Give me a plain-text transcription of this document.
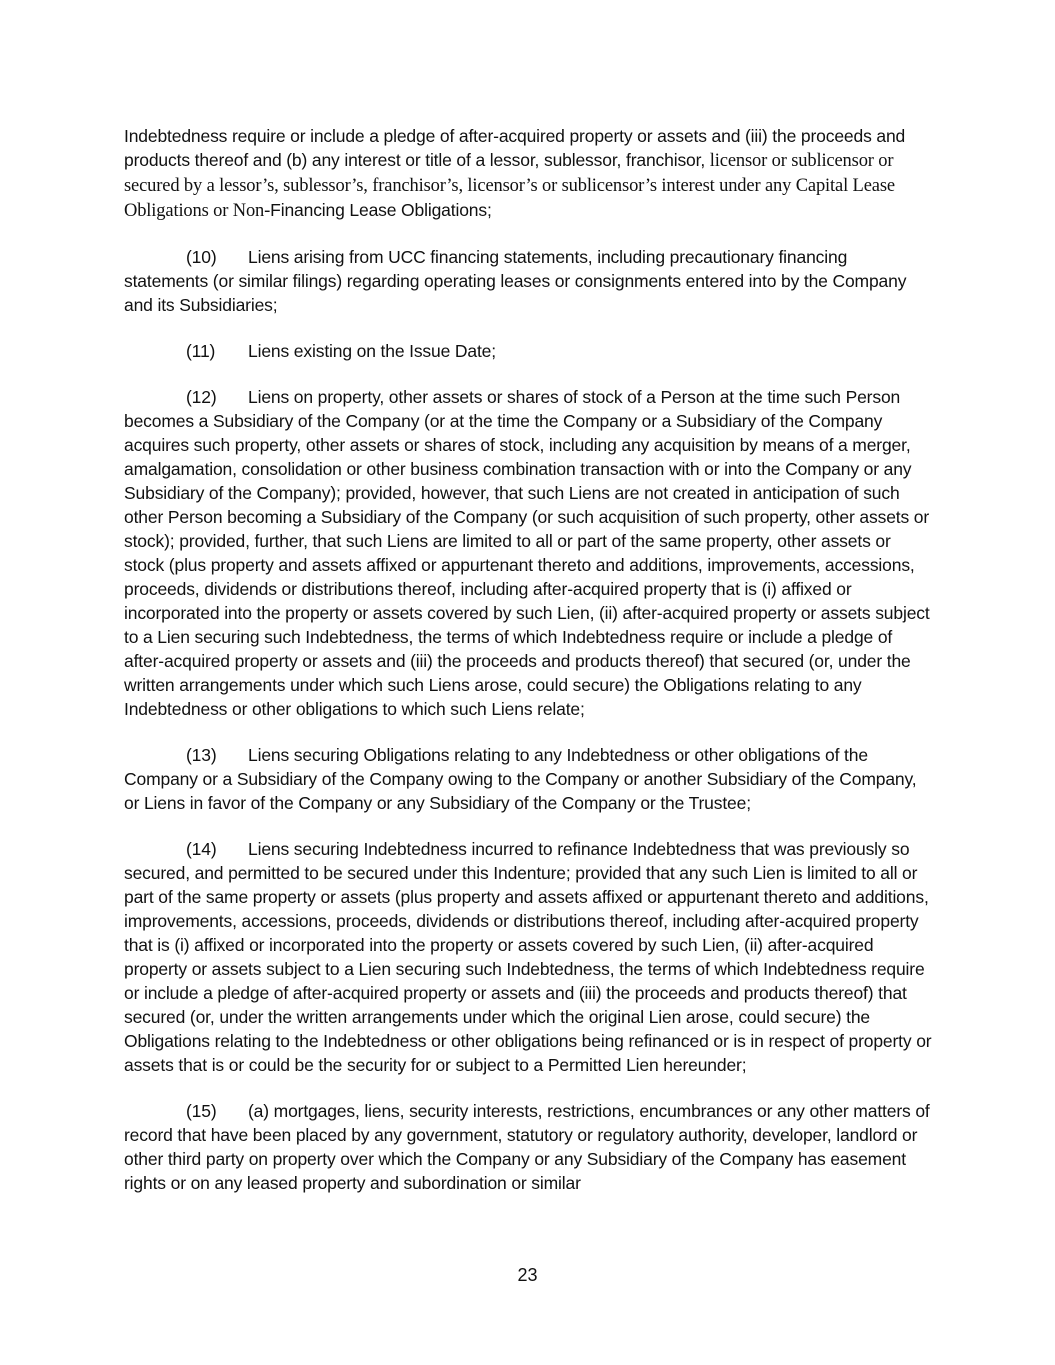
Indebtedness require or include a pledge of after-acquired property or assets and (iii) the proceeds and products thereof and (b) any interest or title of a lessor, sublessor, franchisor, licensor or sublicensor or secured by a lessor’s, sublessor’s, franchisor’s, licensor’s or sublicensor’s interest under any Capital Lease Obligations or Non-Financing Lease Obligations;

(10) Liens arising from UCC financing statements, including precautionary financing statements (or similar filings) regarding operating leases or consignments entered into by the Company and its Subsidiaries;

(11) Liens existing on the Issue Date;

(12) Liens on property, other assets or shares of stock of a Person at the time such Person becomes a Subsidiary of the Company (or at the time the Company or a Subsidiary of the Company acquires such property, other assets or shares of stock, including any acquisition by means of a merger, amalgamation, consolidation or other business combination transaction with or into the Company or any Subsidiary of the Company); provided, however, that such Liens are not created in anticipation of such other Person becoming a Subsidiary of the Company (or such acquisition of such property, other assets or stock); provided, further, that such Liens are limited to all or part of the same property, other assets or stock (plus property and assets affixed or appurtenant thereto and additions, improvements, accessions, proceeds, dividends or distributions thereof, including after-acquired property that is (i) affixed or incorporated into the property or assets covered by such Lien, (ii) after-acquired property or assets subject to a Lien securing such Indebtedness, the terms of which Indebtedness require or include a pledge of after-acquired property or assets and (iii) the proceeds and products thereof) that secured (or, under the written arrangements under which such Liens arose, could secure) the Obligations relating to any Indebtedness or other obligations to which such Liens relate;

(13) Liens securing Obligations relating to any Indebtedness or other obligations of the Company or a Subsidiary of the Company owing to the Company or another Subsidiary of the Company, or Liens in favor of the Company or any Subsidiary of the Company or the Trustee;

(14) Liens securing Indebtedness incurred to refinance Indebtedness that was previously so secured, and permitted to be secured under this Indenture; provided that any such Lien is limited to all or part of the same property or assets (plus property and assets affixed or appurtenant thereto and additions, improvements, accessions, proceeds, dividends or distributions thereof, including after-acquired property that is (i) affixed or incorporated into the property or assets covered by such Lien, (ii) after-acquired property or assets subject to a Lien securing such Indebtedness, the terms of which Indebtedness require or include a pledge of after-acquired property or assets and (iii) the proceeds and products thereof) that secured (or, under the written arrangements under which the original Lien arose, could secure) the Obligations relating to the Indebtedness or other obligations being refinanced or is in respect of property or assets that is or could be the security for or subject to a Permitted Lien hereunder;

(15) (a) mortgages, liens, security interests, restrictions, encumbrances or any other matters of record that have been placed by any government, statutory or regulatory authority, developer, landlord or other third party on property over which the Company or any Subsidiary of the Company has easement rights or on any leased property and subordination or similar

23
